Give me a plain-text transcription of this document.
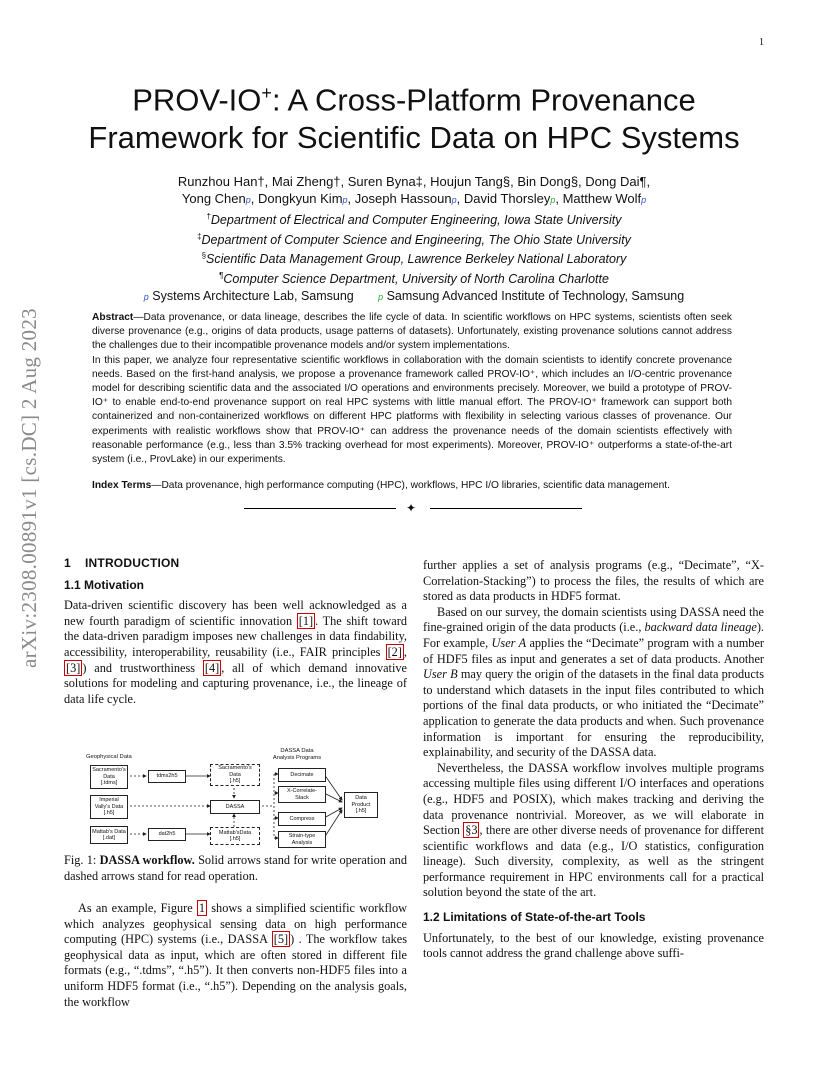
1
PROV-IO+: A Cross-Platform Provenance
Framework for Scientific Data on HPC Systems
Runzhou Han†, Mai Zheng†, Suren Byna‡, Houjun Tang§, Bin Dong§, Dong Dai¶,
Yong Chenp, Dongkyun Kimp, Joseph Hassounp, David Thorsleyp, Matthew Wolfp
†Department of Electrical and Computer Engineering, Iowa State University
‡Department of Computer Science and Engineering, The Ohio State University
§Scientific Data Management Group, Lawrence Berkeley National Laboratory
¶Computer Science Department, University of North Carolina Charlotte
p Systems Architecture Lab, Samsung	p Samsung Advanced Institute of Technology, Samsung
arXiv:2308.00891v1 [cs.DC] 2 Aug 2023	Abstract—Data provenance, or data lineage, describes the life cycle of data. In scientific workflows on HPC systems, scientists often seek diverse provenance (e.g., origins of data products, usage patterns of datasets). Unfortunately, existing provenance solutions cannot address the challenges due to their incompatible provenance models and/or system implementations.

In this paper, we analyze four representative scientific workflows in collaboration with the domain scientists to identify concrete provenance needs. Based on the first-hand analysis, we propose a provenance framework called PROV-IO⁺, which includes an I/O-centric provenance model for describing scientific data and the associated I/O operations and environments precisely. Moreover, we build a prototype of PROV-IO⁺ to enable end-to-end provenance support on real HPC systems with little manual effort. The PROV-IO⁺ framework can support both containerized and non-containerized workflows on different HPC platforms with flexibility in selecting various classes of provenance. Our experiments with realistic workflows show that PROV-IO⁺ can address the provenance needs of the domain scientists effectively with reasonable performance (e.g., less than 3.5% tracking overhead for most experiments). Moreover, PROV-IO⁺ outperforms a state-of-the-art system (i.e., ProvLake) in our experiments.

Index Terms—Data provenance, high performance computing (HPC), workflows, HPC I/O libraries, scientific data management.
✦
1 INTRODUCTION
1.1 Motivation

Data-driven scientific discovery has been well acknowledged as a new fourth paradigm of scientific innovation [1] . The shift toward the data-driven paradigm imposes new challenges in data findability, accessibility, interoperability, reusability (i.e., FAIR principles [2] , [3] ) and trustworthiness [4] , all of which demand innovative solutions for modeling and capturing provenance, i.e., the lineage of data life cycle.

Geophysical Data
DASSA Data
Analysis Programs
Sacramento's
Data
[.tdms]
Imperial
Vally's Data
[.h5]
Mattab's Data
[.dat]
tdms2h5
dat2h5
Sacramento's
Data
[.h5]
DASSA
Mattab'sData
[.h5]
Decimate
X-Correlate-
Stack
Compress
Strain-type
Analysis
Data
Product
[.h5]
Fig. 1: DASSA workflow. Solid arrows stand for write operation and dashed arrows stand for read operation.

As an example, Figure 1 shows a simplified scientific workflow which analyzes geophysical sensing data on high performance computing (HPC) systems (i.e., DASSA [5] ) . The workflow takes geophysical data as input, which are often stored in different file formats (e.g., “.tdms”, “.h5”). It then converts non-HDF5 files into a uniform HDF5 format (i.e., “.h5”). Depending on the analysis goals, the workflow

further applies a set of analysis programs (e.g., “Decimate”, “X-Correlation-Stacking”) to process the files, the results of which are stored as data products in HDF5 format.

Based on our survey, the domain scientists using DASSA need the fine-grained origin of the data products (i.e., backward data lineage). For example, User A applies the “Decimate” program with a number of HDF5 files as input and generates a set of data products. Another User B may query the origin of the datasets in the final data products to understand which datasets in the input files contributed to which portions of the final data products, or who initiated the “Decimate” application to generate the data products and when. Such provenance information is important for ensuring the reproducibility, explainability, and security of the DASSA data.

Nevertheless, the DASSA workflow involves multiple programs accessing multiple files using different I/O interfaces and operations (e.g., HDF5 and POSIX), which makes tracking and deriving the data provenance nontrivial. Moreover, as we will elaborate in Section §3 , there are other diverse needs of provenance for different scientific workflows and data (e.g., I/O statistics, configuration lineage). Such diversity, complexity, as well as the stringent performance requirement in HPC environments call for a practical solution beyond the state of the art.

1.2 Limitations of State-of-the-art Tools

Unfortunately, to the best of our knowledge, existing provenance tools cannot address the grand challenge above suffi-
